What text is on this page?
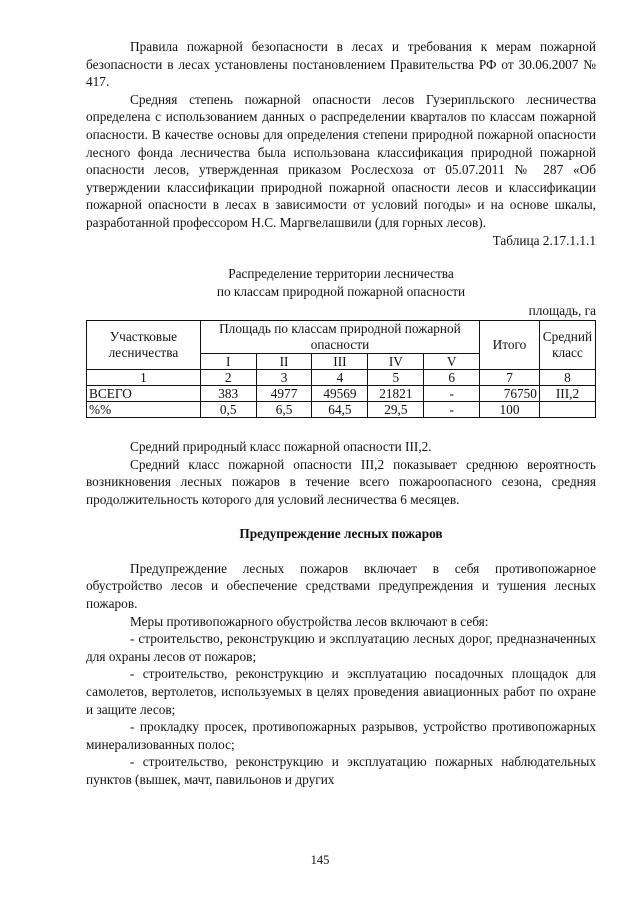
Правила пожарной безопасности в лесах и требования к мерам пожарной безопасности в лесах установлены постановлением Правительства РФ от 30.06.2007 № 417.

Средняя степень пожарной опасности лесов Гузерипльского лесничества определена с использованием данных о распределении кварталов по классам пожарной опасности. В качестве основы для определения степени природной пожарной опасности лесного фонда лесничества была использована классификация природной пожарной опасности лесов, утвержденная приказом Рослесхоза от 05.07.2011 № 287 «Об утверждении классификации природной пожарной опасности лесов и классификации пожарной опасности в лесах в зависимости от условий погоды» и на основе шкалы, разработанной профессором Н.С. Маргвелашвили (для горных лесов).

Таблица 2.17.1.1.1

Распределение территории лесничества

по классам природной пожарной опасности

площадь, га

Участковые лесничества	Площадь по классам природной пожарной опасности					Итого	Средний класс
	I	II	III	IV	V		
1	2	3	4	5	6	7	8
ВСЕГО	383	4977	49569	21821	-	76750	III,2
%%	0,5	6,5	64,5	29,5	-	100	

Средний природный класс пожарной опасности III,2.

Средний класс пожарной опасности III,2 показывает среднюю вероятность возникновения лесных пожаров в течение всего пожароопасного сезона, средняя продолжительность которого для условий лесничества 6 месяцев.

Предупреждение лесных пожаров

Предупреждение лесных пожаров включает в себя противопожарное обустройство лесов и обеспечение средствами предупреждения и тушения лесных пожаров.

Меры противопожарного обустройства лесов включают в себя:

- строительство, реконструкцию и эксплуатацию лесных дорог, предназначенных для охраны лесов от пожаров;

- строительство, реконструкцию и эксплуатацию посадочных площадок для самолетов, вертолетов, используемых в целях проведения авиационных работ по охране и защите лесов;

- прокладку просек, противопожарных разрывов, устройство противопожарных минерализованных полос;

- строительство, реконструкцию и эксплуатацию пожарных наблюдательных пунктов (вышек, мачт, павильонов и других

145
